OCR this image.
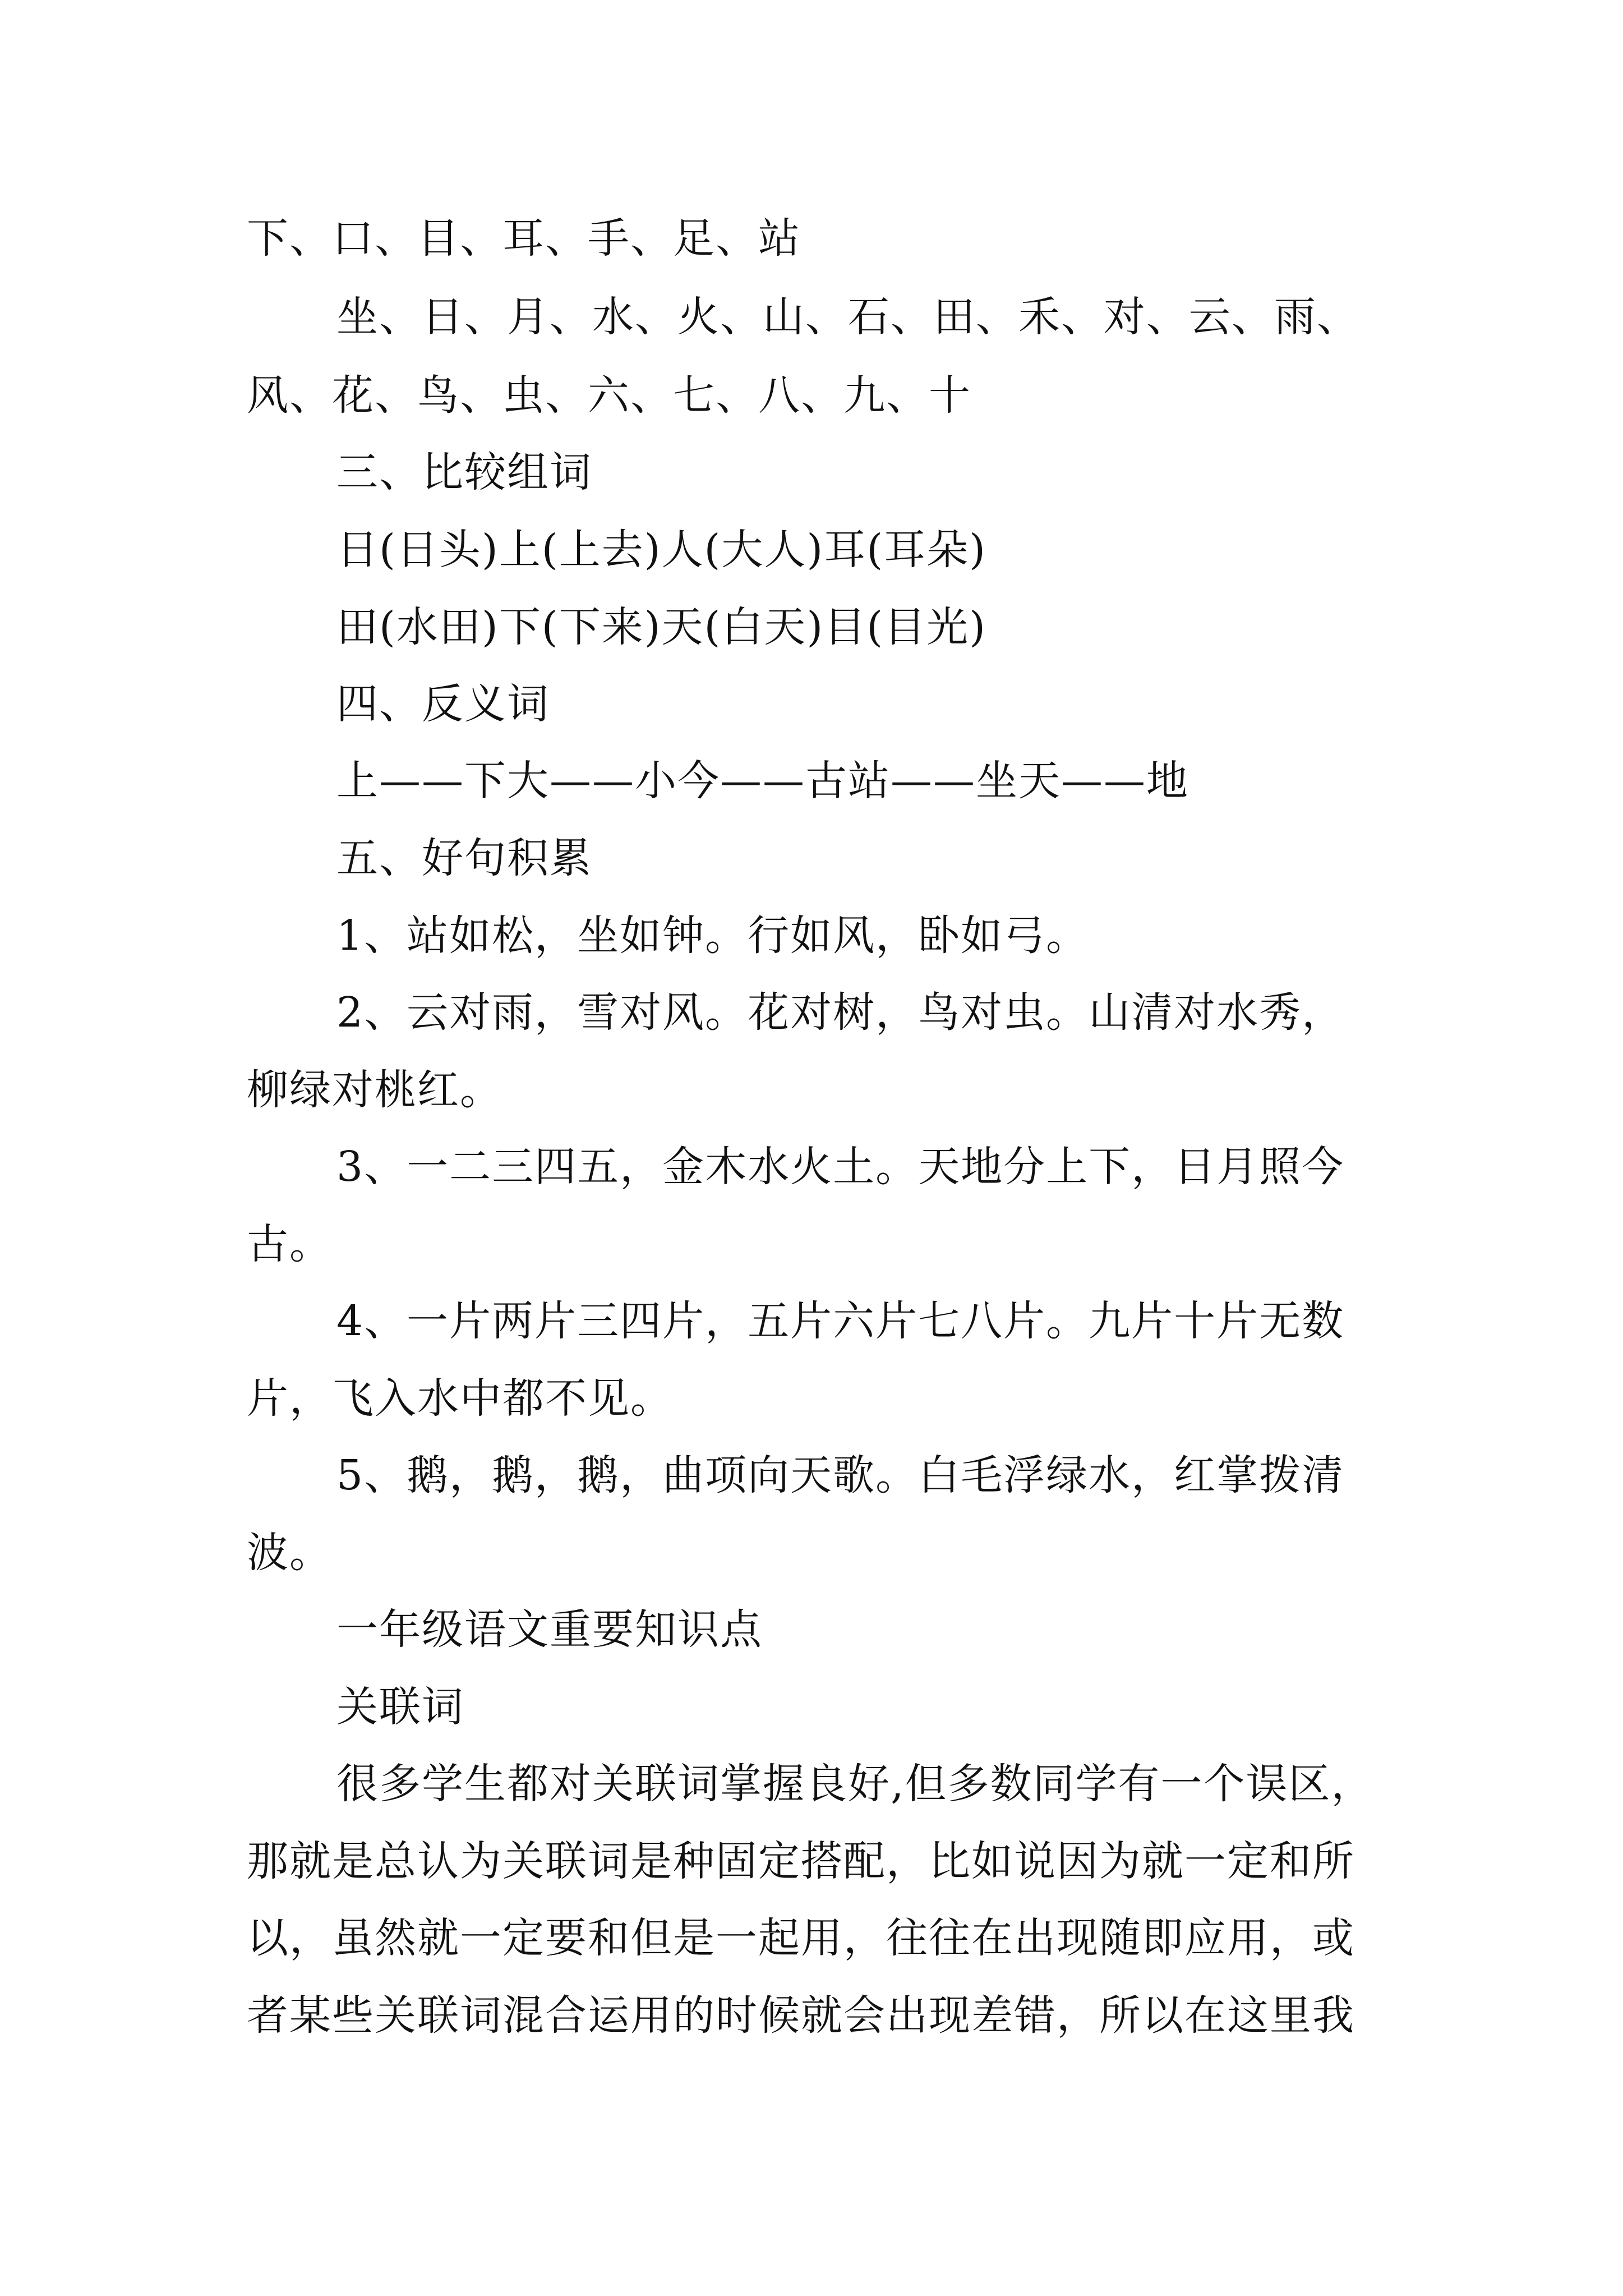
下、口、目、耳、手、足、站
坐、日、月、水、火、山、石、田、禾、对、云、雨、
风、花、鸟、虫、六、七、八、九、十
三、比较组词
日(日头)上(上去)人(大人)耳(耳朵)
田(水田)下(下来)天(白天)目(目光)
四、反义词
上——下大——小今——古站——坐天——地
五、好句积累
1、站如松，坐如钟。行如风，卧如弓。
2、云对雨，雪对风。花对树，鸟对虫。山清对水秀，
柳绿对桃红。
3、一二三四五，金木水火土。天地分上下，日月照今
古。
4、一片两片三四片，五片六片七八片。九片十片无数
片，飞入水中都不见。
5、鹅，鹅，鹅，曲项向天歌。白毛浮绿水，红掌拨清
波。
一年级语文重要知识点
关联词
很多学生都对关联词掌握良好,但多数同学有一个误区，
那就是总认为关联词是种固定搭配，比如说因为就一定和所
以，虽然就一定要和但是一起用，往往在出现随即应用，或
者某些关联词混合运用的时候就会出现差错，所以在这里我
